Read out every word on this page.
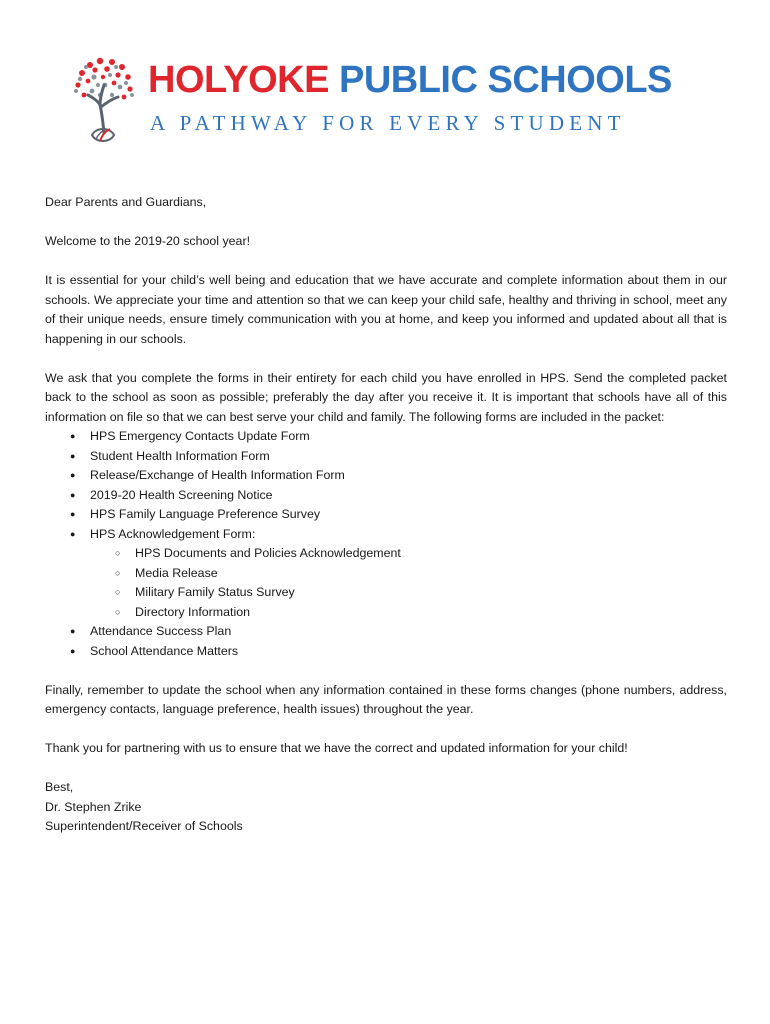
HOLYOKE PUBLIC SCHOOLS
A PATHWAY FOR EVERY STUDENT

Dear Parents and Guardians,

Welcome to the 2019-20 school year!

It is essential for your child’s well being and education that we have accurate and complete information about them in our schools. We appreciate your time and attention so that we can keep your child safe, healthy and thriving in school, meet any of their unique needs, ensure timely communication with you at home, and keep you informed and updated about all that is happening in our schools.

We ask that you complete the forms in their entirety for each child you have enrolled in HPS. Send the completed packet back to the school as soon as possible; preferably the day after you receive it. It is important that schools have all of this information on file so that we can best serve your child and family. The following forms are included in the packet:

● HPS Emergency Contacts Update Form
● Student Health Information Form
● Release/Exchange of Health Information Form
● 2019-20 Health Screening Notice
● HPS Family Language Preference Survey
● HPS Acknowledgement Form:
○ HPS Documents and Policies Acknowledgement
○ Media Release
○ Military Family Status Survey
○ Directory Information
● Attendance Success Plan
● School Attendance Matters

Finally, remember to update the school when any information contained in these forms changes (phone numbers, address, emergency contacts, language preference, health issues) throughout the year.

Thank you for partnering with us to ensure that we have the correct and updated information for your child!

Best,
Dr. Stephen Zrike
Superintendent/Receiver of Schools
